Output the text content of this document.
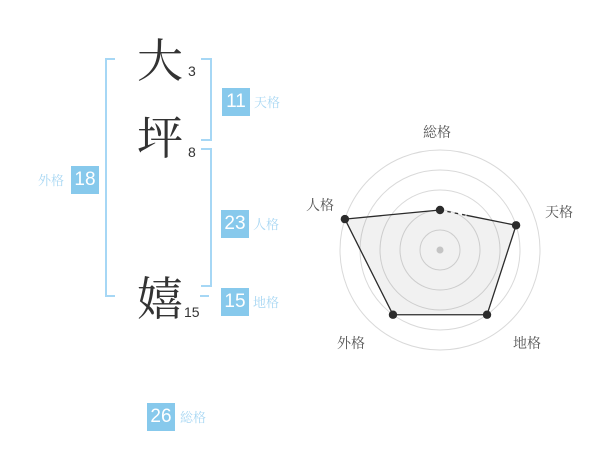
大 3
坪 8
嬉 15
11 天格
23 人格
15 地格
外格 18
26 総格
総格
天格
地格
外格
人格
